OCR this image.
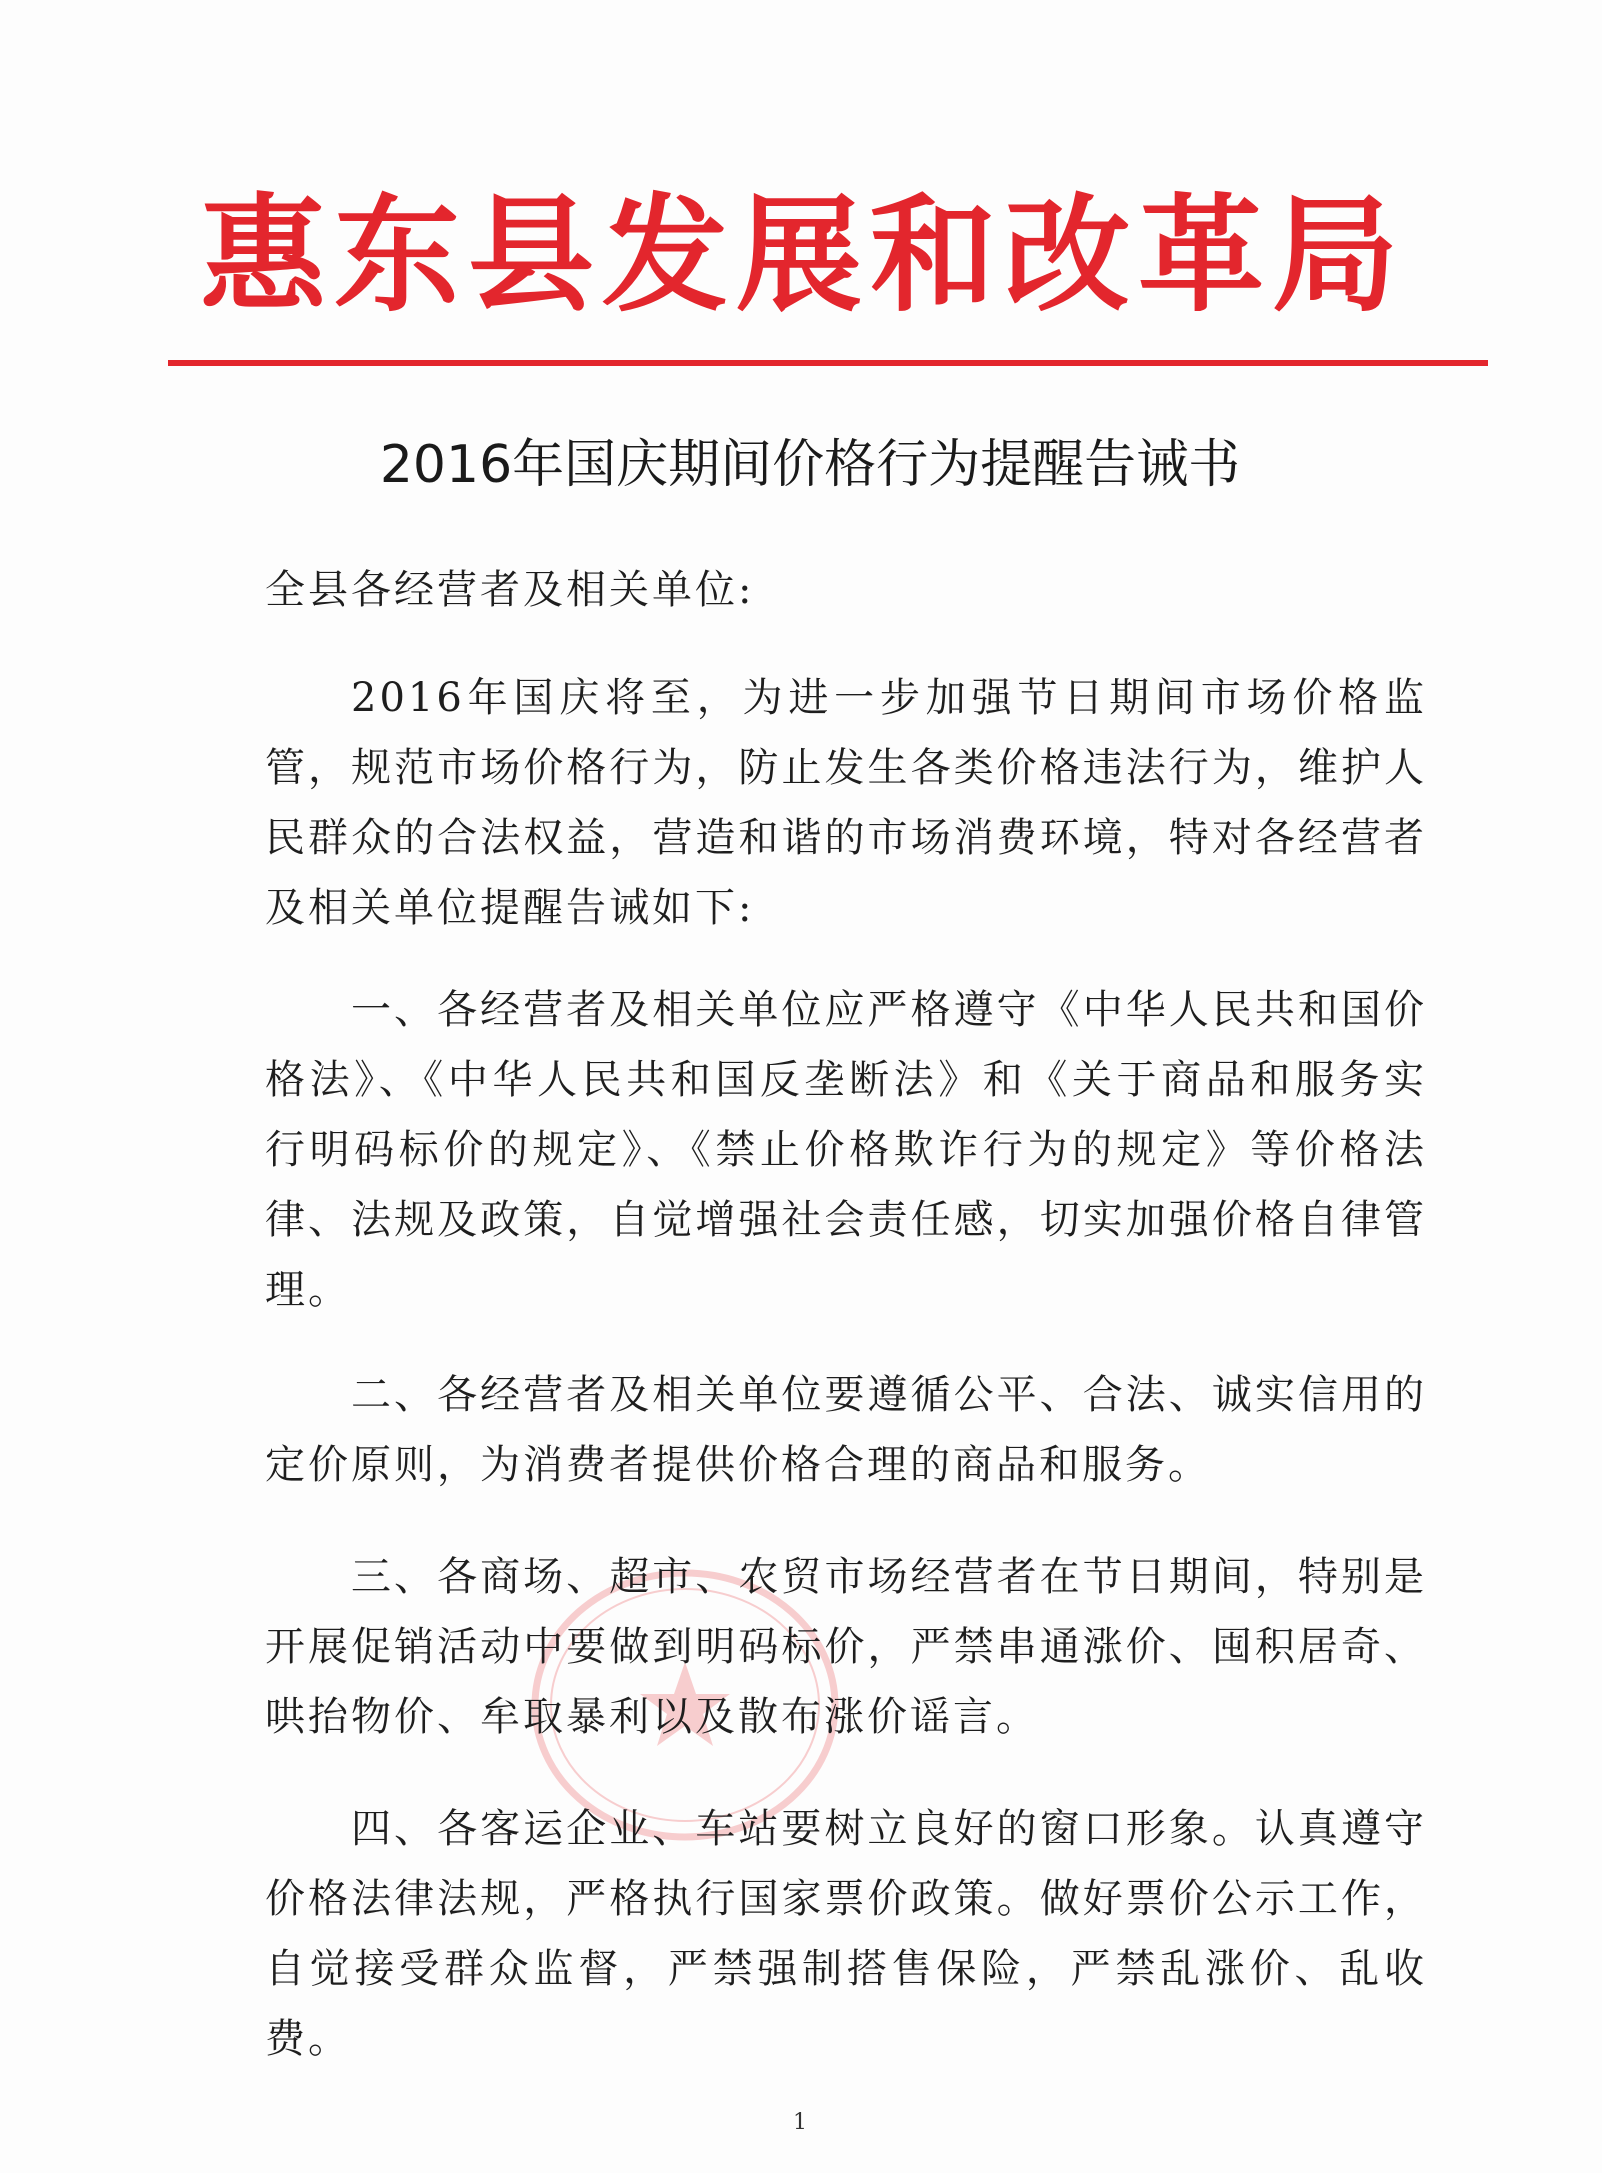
惠东县发展和改革局
2016年国庆期间价格行为提醒告诫书

全县各经营者及相关单位:

2016年国庆将至，为进一步加强节日期间市场价格监管，规范市场价格行为，防止发生各类价格违法行为，维护人民群众的合法权益，营造和谐的市场消费环境，特对各经营者及相关单位提醒告诫如下:

一、各经营者及相关单位应严格遵守《中华人民共和国价格法》、《中华人民共和国反垄断法》和《关于商品和服务实行明码标价的规定》、《禁止价格欺诈行为的规定》等价格法律、法规及政策，自觉增强社会责任感，切实加强价格自律管理。

二、各经营者及相关单位要遵循公平、合法、诚实信用的定价原则，为消费者提供价格合理的商品和服务。

三、各商场、超市、农贸市场经营者在节日期间，特别是开展促销活动中要做到明码标价，严禁串通涨价、囤积居奇、哄抬物价、牟取暴利以及散布涨价谣言。

四、各客运企业、车站要树立良好的窗口形象。认真遵守价格法律法规，严格执行国家票价政策。做好票价公示工作，自觉接受群众监督，严禁强制搭售保险，严禁乱涨价、乱收费。

1
